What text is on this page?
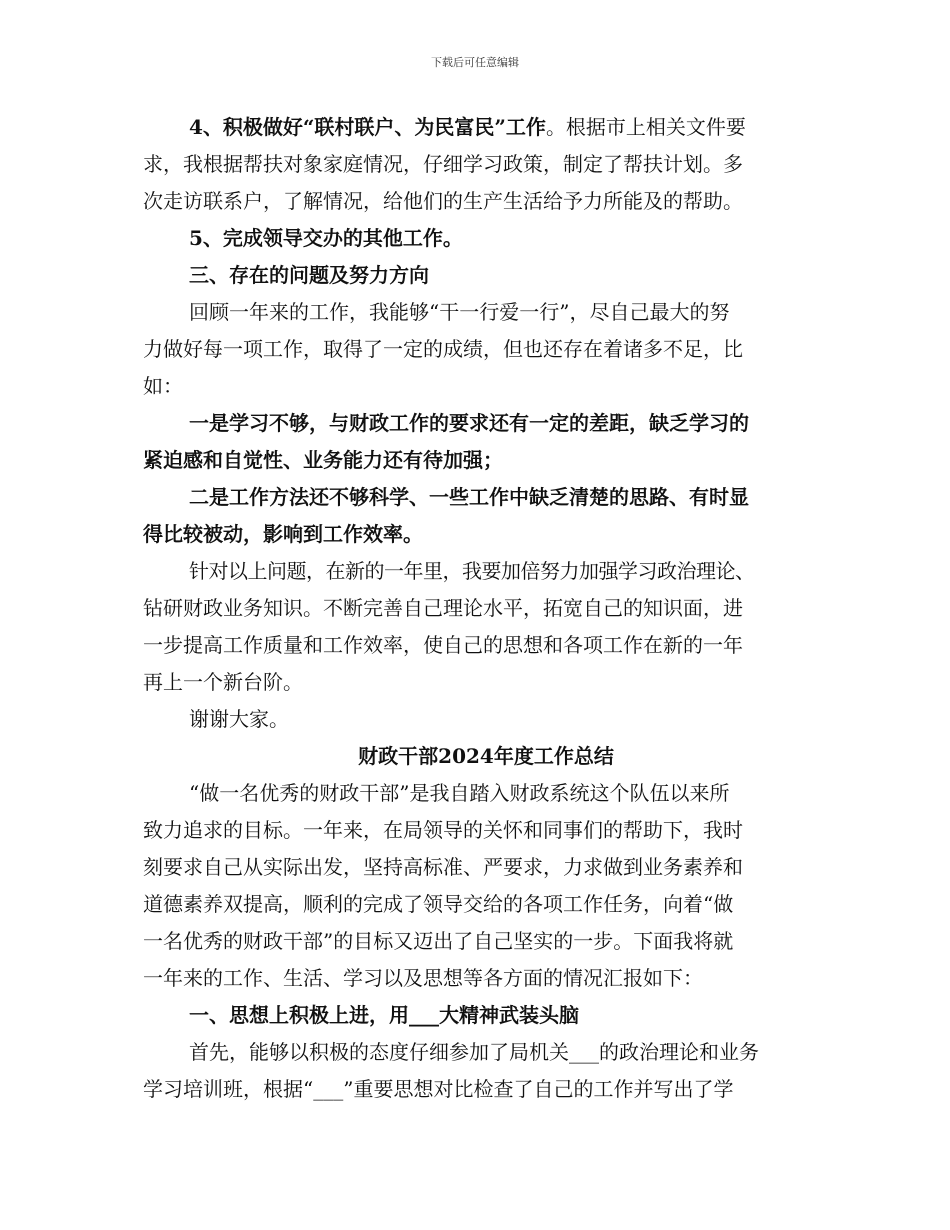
下载后可任意编辑
4、积极做好“联村联户、为民富民”工作。根据市上相关文件要
求，我根据帮扶对象家庭情况，仔细学习政策，制定了帮扶计划。多
次走访联系户，了解情况，给他们的生产生活给予力所能及的帮助。
5、完成领导交办的其他工作。
三、存在的问题及努力方向
回顾一年来的工作，我能够“干一行爱一行”，尽自己最大的努
力做好每一项工作，取得了一定的成绩，但也还存在着诸多不足，比
如：
一是学习不够，与财政工作的要求还有一定的差距，缺乏学习的
紧迫感和自觉性、业务能力还有待加强；
二是工作方法还不够科学、一些工作中缺乏清楚的思路、有时显
得比较被动，影响到工作效率。
针对以上问题，在新的一年里，我要加倍努力加强学习政治理论、
钻研财政业务知识。不断完善自己理论水平，拓宽自己的知识面，进
一步提高工作质量和工作效率，使自己的思想和各项工作在新的一年
再上一个新台阶。
谢谢大家。
财政干部2024年度工作总结
“做一名优秀的财政干部”是我自踏入财政系统这个队伍以来所
致力追求的目标。一年来，在局领导的关怀和同事们的帮助下，我时
刻要求自己从实际出发，坚持高标准、严要求，力求做到业务素养和
道德素养双提高，顺利的完成了领导交给的各项工作任务，向着“做
一名优秀的财政干部”的目标又迈出了自己坚实的一步。下面我将就
一年来的工作、生活、学习以及思想等各方面的情况汇报如下：
一、思想上积极上进，用___大精神武装头脑
首先，能够以积极的态度仔细参加了局机关___的政治理论和业务
学习培训班，根据“___”重要思想对比检查了自己的工作并写出了学
